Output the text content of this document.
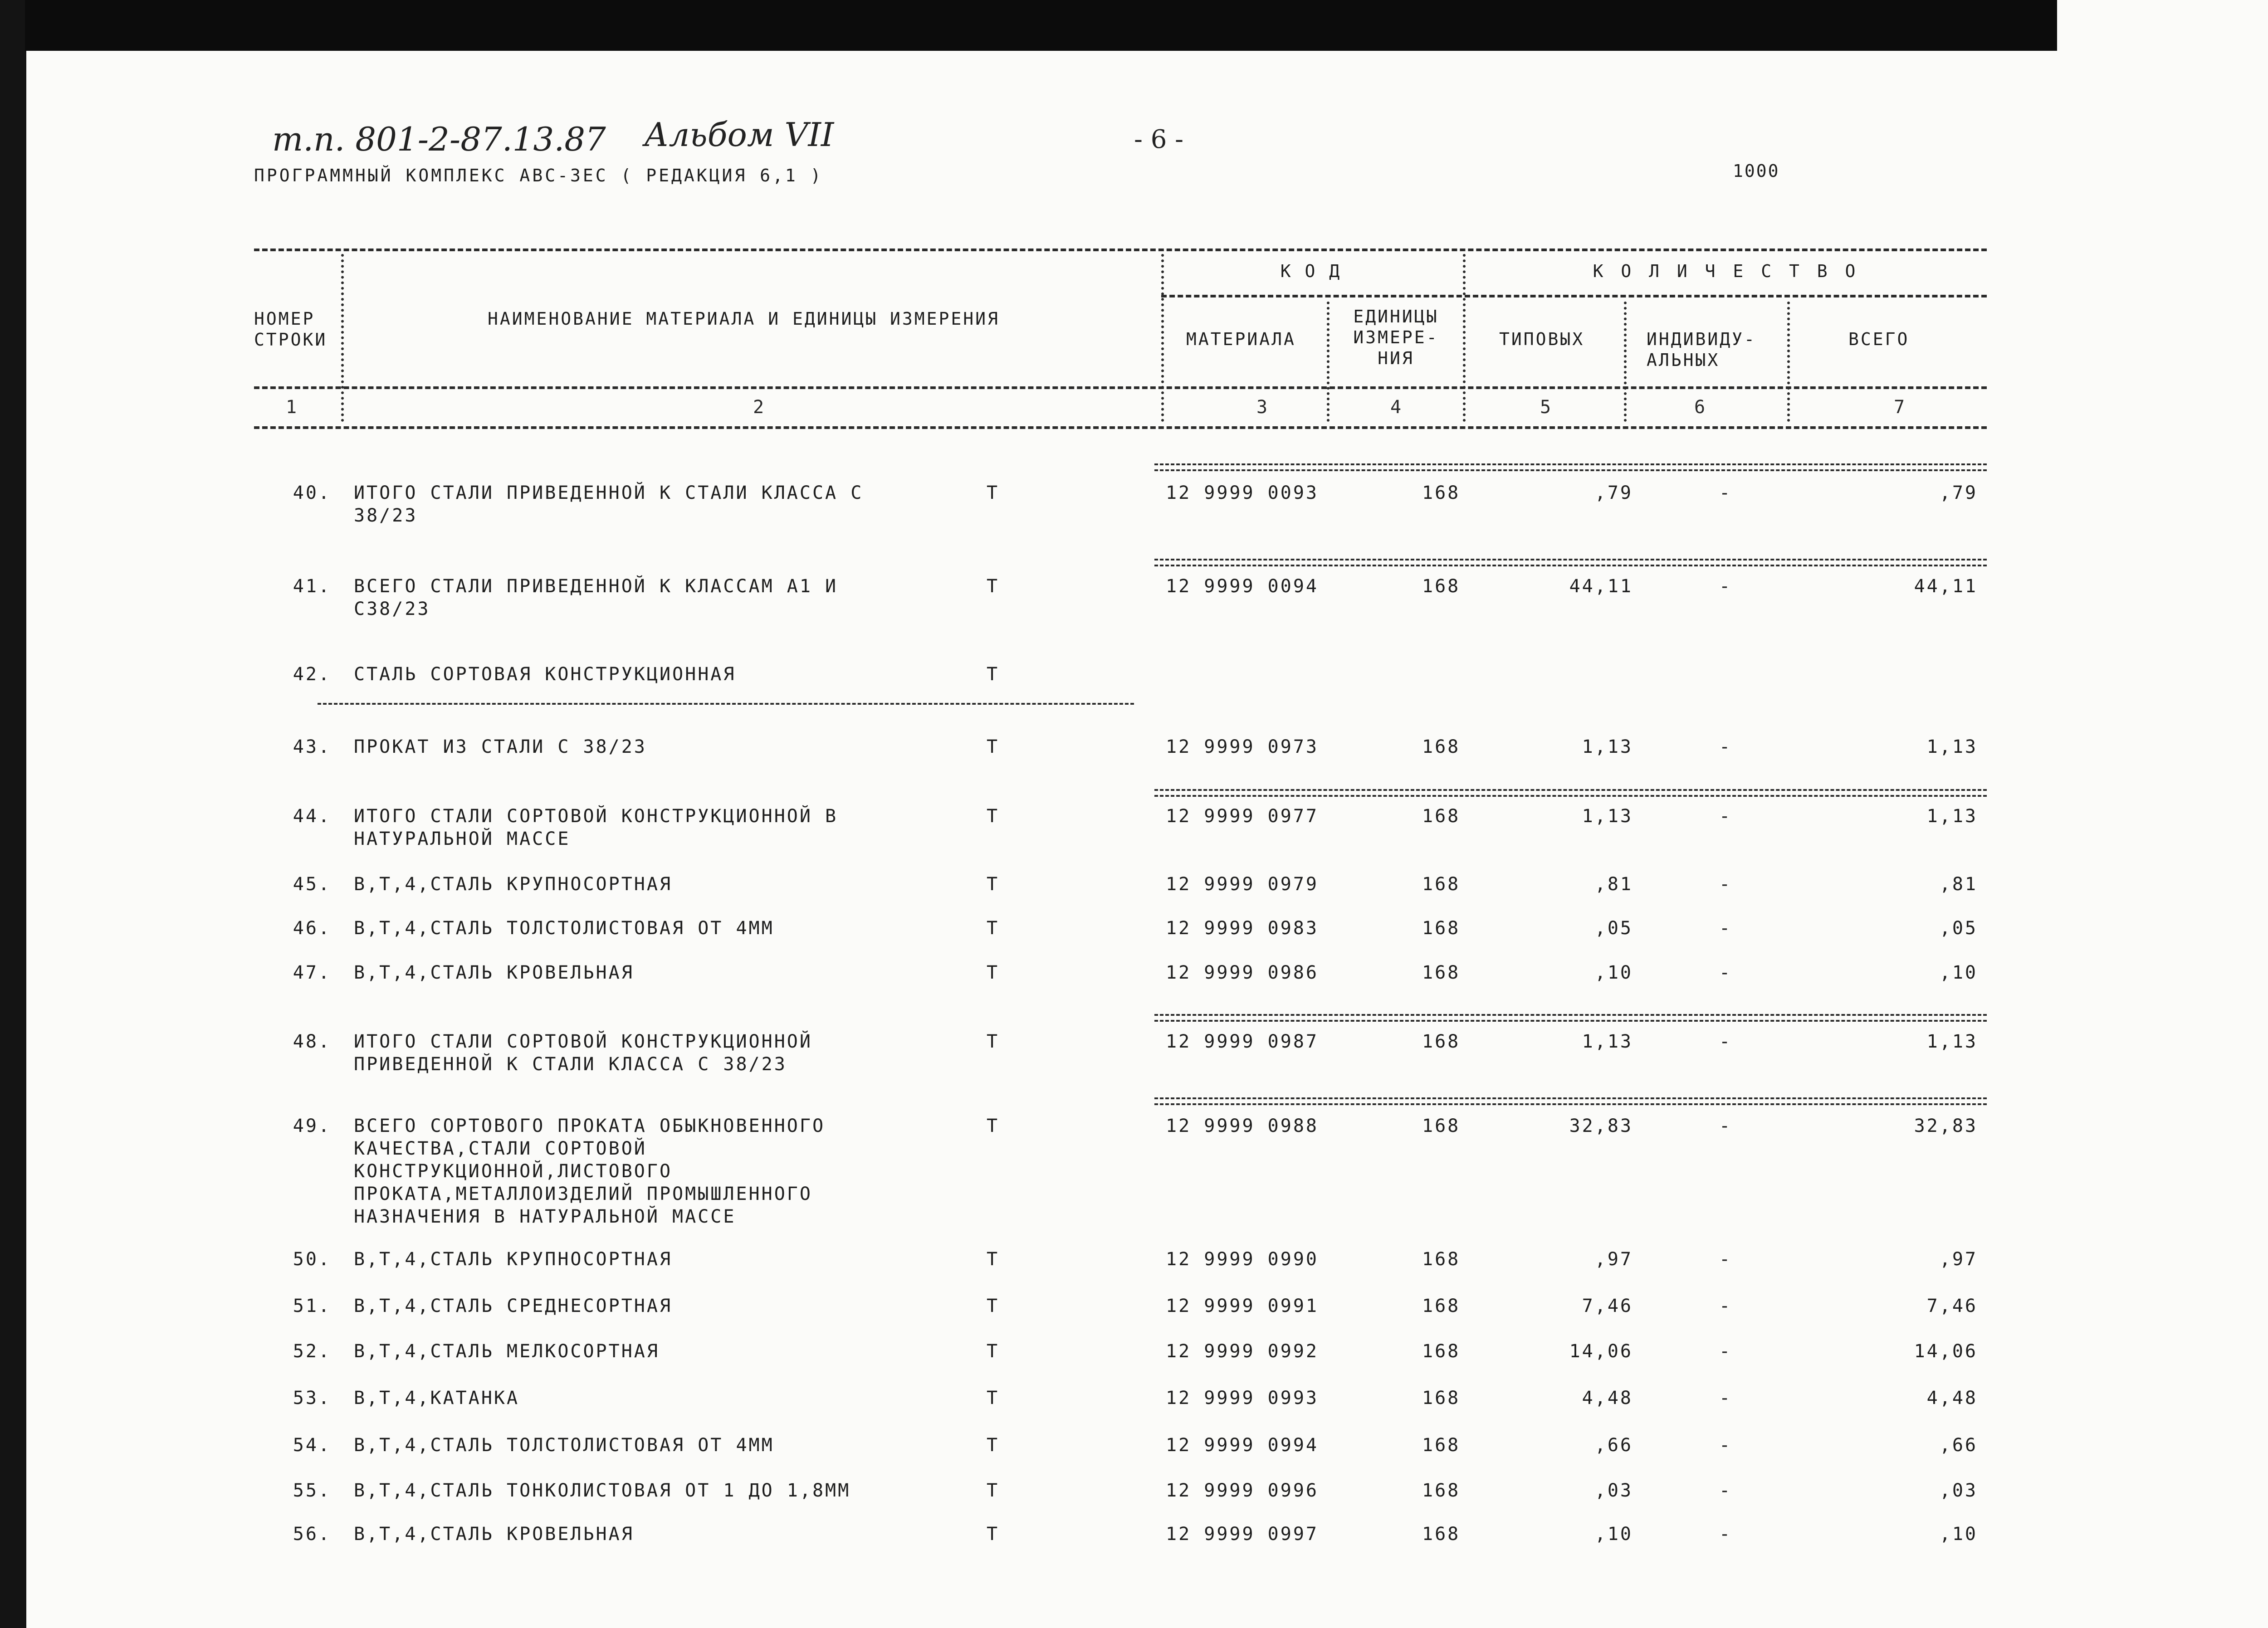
т.п. 801-2-87.13.87 Альбом VII	- 6 -
ПРОГРАММНЫЙ КОМПЛЕКС АВС-3ЕС ( РЕДАКЦИЯ 6,1 )	1000
НОМЕР
СТРОКИ
НАИМЕНОВАНИЕ МАТЕРИАЛА И ЕДИНИЦЫ ИЗМЕРЕНИЯ
К О Д	К О Л И Ч Е С Т В О
МАТЕРИАЛА
ЕДИНИЦЫ
ИЗМЕРЕ-
НИЯ
ТИПОВЫХ	ИНДИВИДУ-
АЛЬНЫХ
ВСЕГО
1	2	3	4	5	6	7
40. ИТОГО СТАЛИ ПРИВЕДЕННОЙ К СТАЛИ КЛАССА С
38/23
Т	12 9999 0093	168	,79	-	,79
41. ВСЕГО СТАЛИ ПРИВЕДЕННОЙ К КЛАССАМ А1 И
С38/23
Т	12 9999 0094	168	44,11	-	44,11
42. СТАЛЬ СОРТОВАЯ КОНСТРУКЦИОННАЯ	Т
43. ПРОКАТ ИЗ СТАЛИ С 38/23	Т	12 9999 0973	168	1,13	-	1,13
44. ИТОГО СТАЛИ СОРТОВОЙ КОНСТРУКЦИОННОЙ В
НАТУРАЛЬНОЙ МАССЕ
Т	12 9999 0977	168	1,13	-	1,13
45. В,Т,4,СТАЛЬ КРУПНОСОРТНАЯ	Т	12 9999 0979	168	,81	-	,81
46. В,Т,4,СТАЛЬ ТОЛСТОЛИСТОВАЯ ОТ 4ММ	Т	12 9999 0983	168	,05	-	,05
47. В,Т,4,СТАЛЬ КРОВЕЛЬНАЯ	Т	12 9999 0986	168	,10	-	,10
48. ИТОГО СТАЛИ СОРТОВОЙ КОНСТРУКЦИОННОЙ
ПРИВЕДЕННОЙ К СТАЛИ КЛАССА С 38/23
Т	12 9999 0987	168	1,13	-	1,13
49. ВСЕГО СОРТОВОГО ПРОКАТА ОБЫКНОВЕННОГО
КАЧЕСТВА,СТАЛИ СОРТОВОЙ
КОНСТРУКЦИОННОЙ,ЛИСТОВОГО
ПРОКАТА,МЕТАЛЛОИЗДЕЛИЙ ПРОМЫШЛЕННОГО
НАЗНАЧЕНИЯ В НАТУРАЛЬНОЙ МАССЕ
Т	12 9999 0988	168	32,83	-	32,83
50. В,Т,4,СТАЛЬ КРУПНОСОРТНАЯ	Т	12 9999 0990	168	,97	-	,97
51. В,Т,4,СТАЛЬ СРЕДНЕСОРТНАЯ	Т	12 9999 0991	168	7,46	-	7,46
52. В,Т,4,СТАЛЬ МЕЛКОСОРТНАЯ	Т	12 9999 0992	168	14,06	-	14,06
53. В,Т,4,КАТАНКА	Т	12 9999 0993	168	4,48	-	4,48
54. В,Т,4,СТАЛЬ ТОЛСТОЛИСТОВАЯ ОТ 4ММ	Т	12 9999 0994	168	,66	-	,66
55. В,Т,4,СТАЛЬ ТОНКОЛИСТОВАЯ ОТ 1 ДО 1,8ММ	Т	12 9999 0996	168	,03	-	,03
56. В,Т,4,СТАЛЬ КРОВЕЛЬНАЯ	Т	12 9999 0997	168	,10	-	,10
